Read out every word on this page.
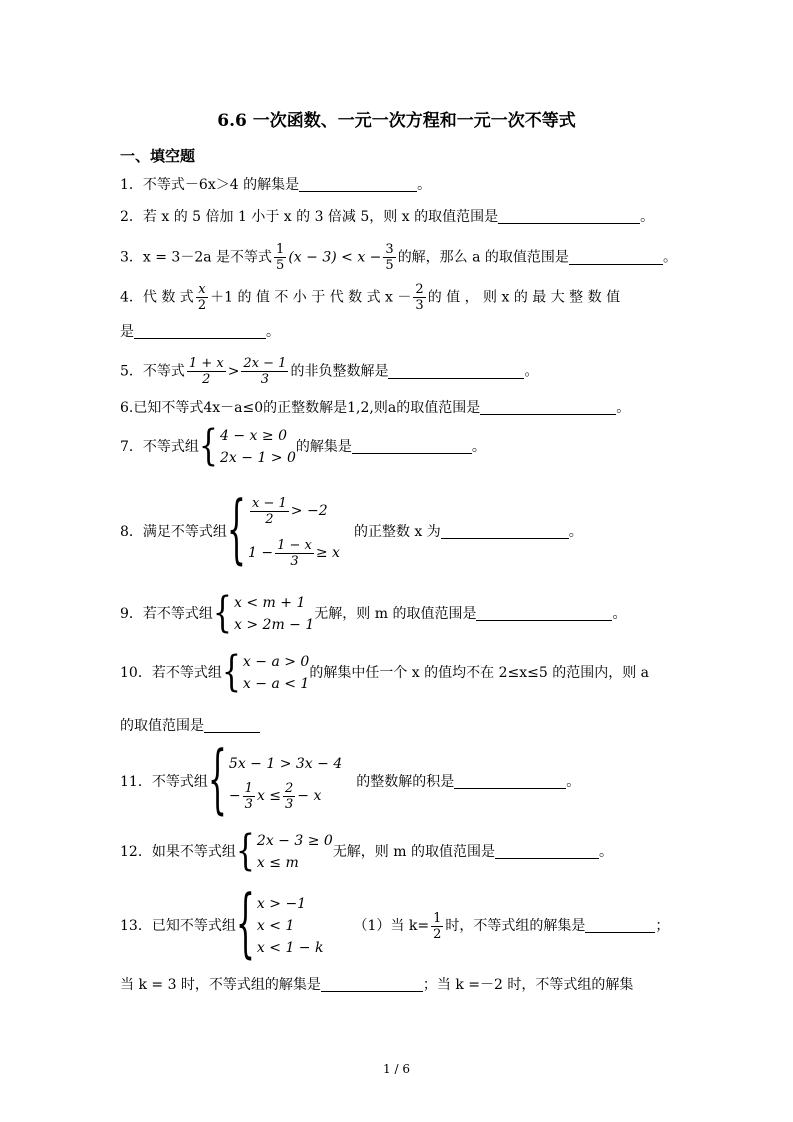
6.6 一次函数、一元一次方程和一元一次不等式
一、填空题
1．不等式－6x＞4 的解集是	。
2．若 x 的 5 倍加 1 小于 x 的 3 倍减 5，则 x 的取值范围是	。
3．x = 3－2a 是不等式 $\frac{1}{5} (x - 3) < x - \frac{3}{5}$ 的解，那么 a 的取值范围是	。
4．代 数 式 $\frac{x}{2} +1$ 的 值 不 小 于 代 数 式 $x - \frac{2}{3}$ 的 值 ， 则 x 的 最 大 整 数 值
是	。
5．不等式 $\frac{1 + x}{2} > \frac{2x - 1}{3}$ 的非负整数解是	。
6.已知不等式4x－a≤0的正整数解是1,2,则a的取值范围是	。
7．不等式组 { 4 − x ≥ 0
2x − 1 > 0
的解集是	。
8．满足不等式组 { $\frac{x - 1}{2} > -2$
$1 - \frac{1 - x}{3} \ge x$
的正整数 x 为	。
9．若不等式组 { x < m + 1
x > 2m − 1
无解，则 m 的取值范围是	。
10．若不等式组 { x − a > 0
x − a < 1
的解集中任一个 x 的值均不在 2≤x≤5 的范围内，则 a
的取值范围是
11．不等式组 { 5x − 1 > 3x − 4
− $\frac{1}{3}$ $x \le \frac{2}{3} - x$
的整数解的积是	。
12．如果不等式组 { 2x − 3 ≥ 0
x ≤ m
无解，则 m 的取值范围是	。
13．已知不等式组 { x > −1
x < 1
x < 1 − k
（1）当 $k= \frac{1}{2}$ 时，不等式组的解集是	；
当 k = 3 时，不等式组的解集是	；当 k =－2 时，不等式组的解集
1 / 6
